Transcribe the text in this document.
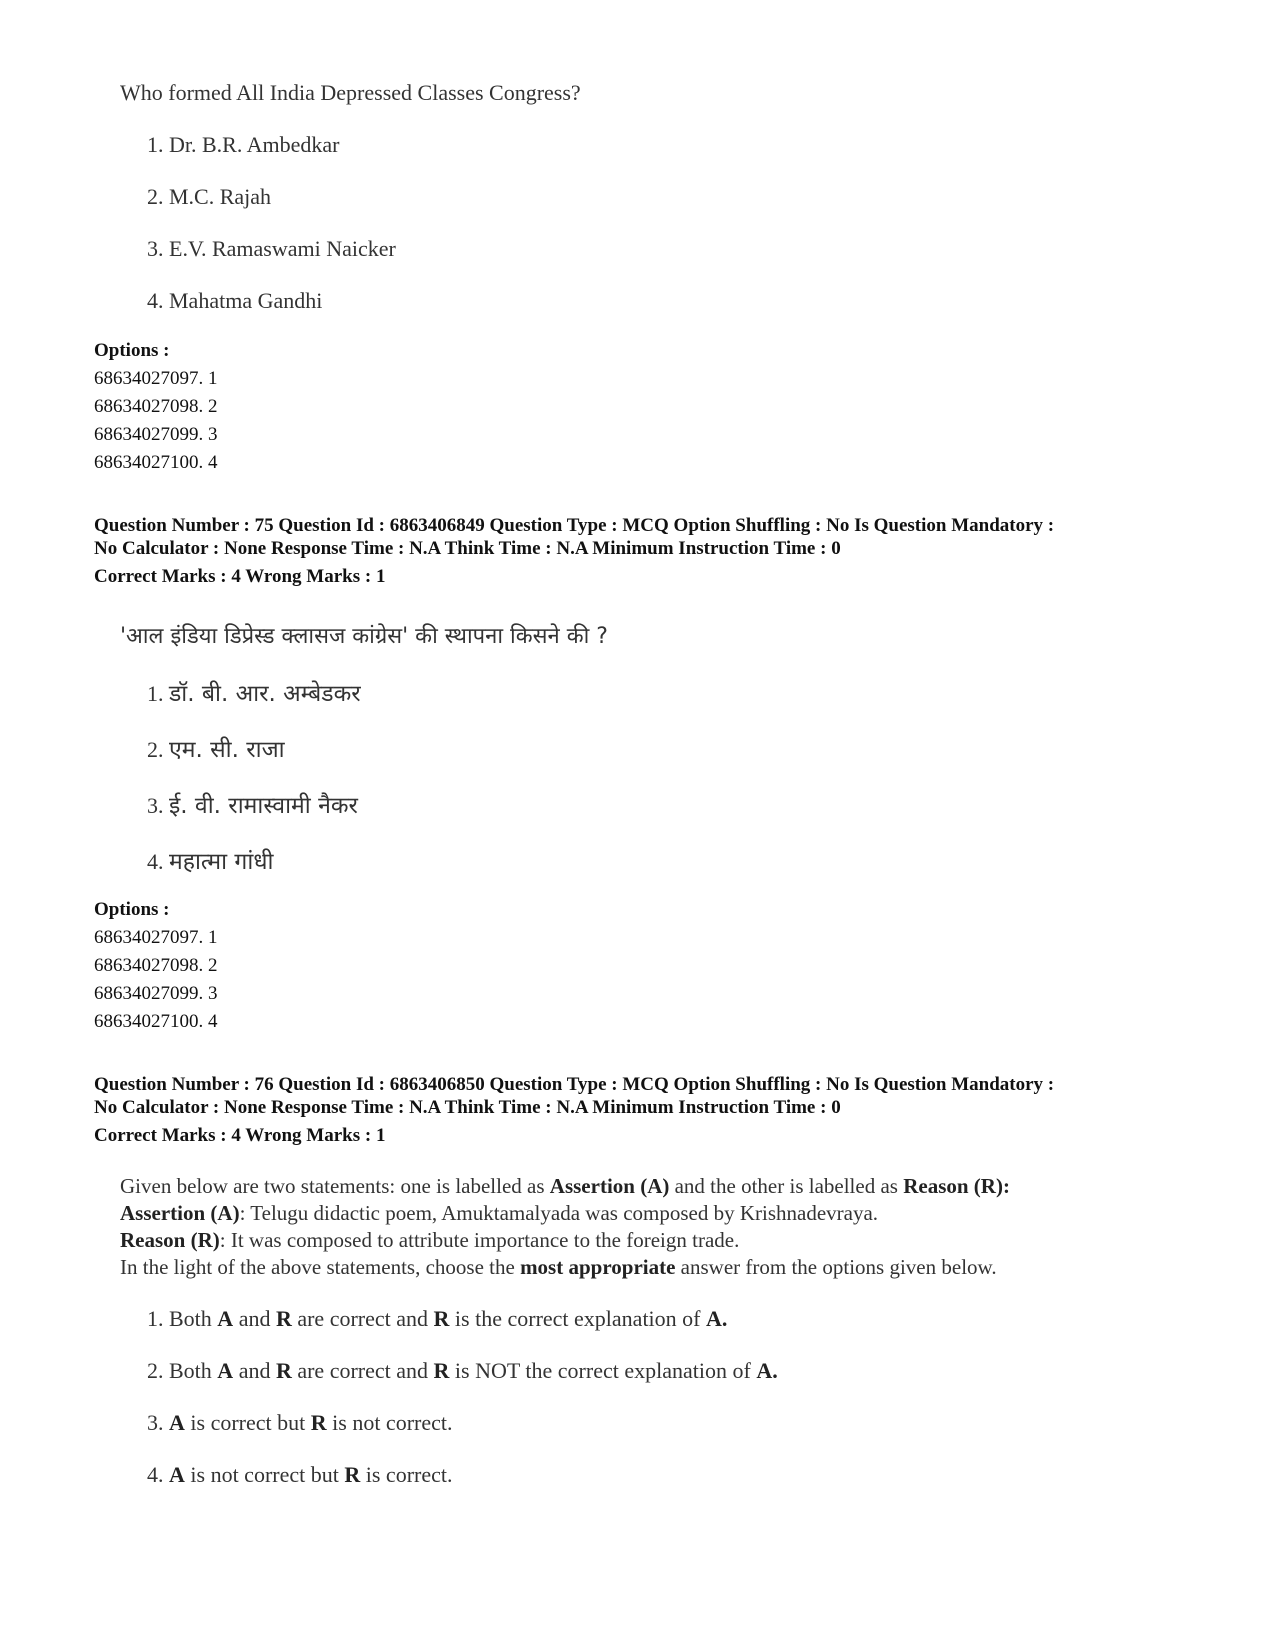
Who formed All India Depressed Classes Congress?
1. Dr. B.R. Ambedkar
2. M.C. Rajah
3. E.V. Ramaswami Naicker
4. Mahatma Gandhi
Options :
68634027097. 1
68634027098. 2
68634027099. 3
68634027100. 4
Question Number : 75 Question Id : 6863406849 Question Type : MCQ Option Shuffling : No Is Question Mandatory :
No Calculator : None Response Time : N.A Think Time : N.A Minimum Instruction Time : 0
Correct Marks : 4 Wrong Marks : 1
'आल इंडिया डिप्रेस्ड क्लासज कांग्रेस' की स्थापना किसने की ?
1. डॉ. बी. आर. अम्बेडकर
2. एम. सी. राजा
3. ई. वी. रामास्वामी नैकर
4. महात्मा गांधी
Options :
68634027097. 1
68634027098. 2
68634027099. 3
68634027100. 4
Question Number : 76 Question Id : 6863406850 Question Type : MCQ Option Shuffling : No Is Question Mandatory :
No Calculator : None Response Time : N.A Think Time : N.A Minimum Instruction Time : 0
Correct Marks : 4 Wrong Marks : 1
Given below are two statements: one is labelled as Assertion (A) and the other is labelled as Reason (R):
Assertion (A): Telugu didactic poem, Amuktamalyada was composed by Krishnadevraya.
Reason (R): It was composed to attribute importance to the foreign trade.
In the light of the above statements, choose the most appropriate answer from the options given below.
1. Both A and R are correct and R is the correct explanation of A.
2. Both A and R are correct and R is NOT the correct explanation of A.
3. A is correct but R is not correct.
4. A is not correct but R is correct.
